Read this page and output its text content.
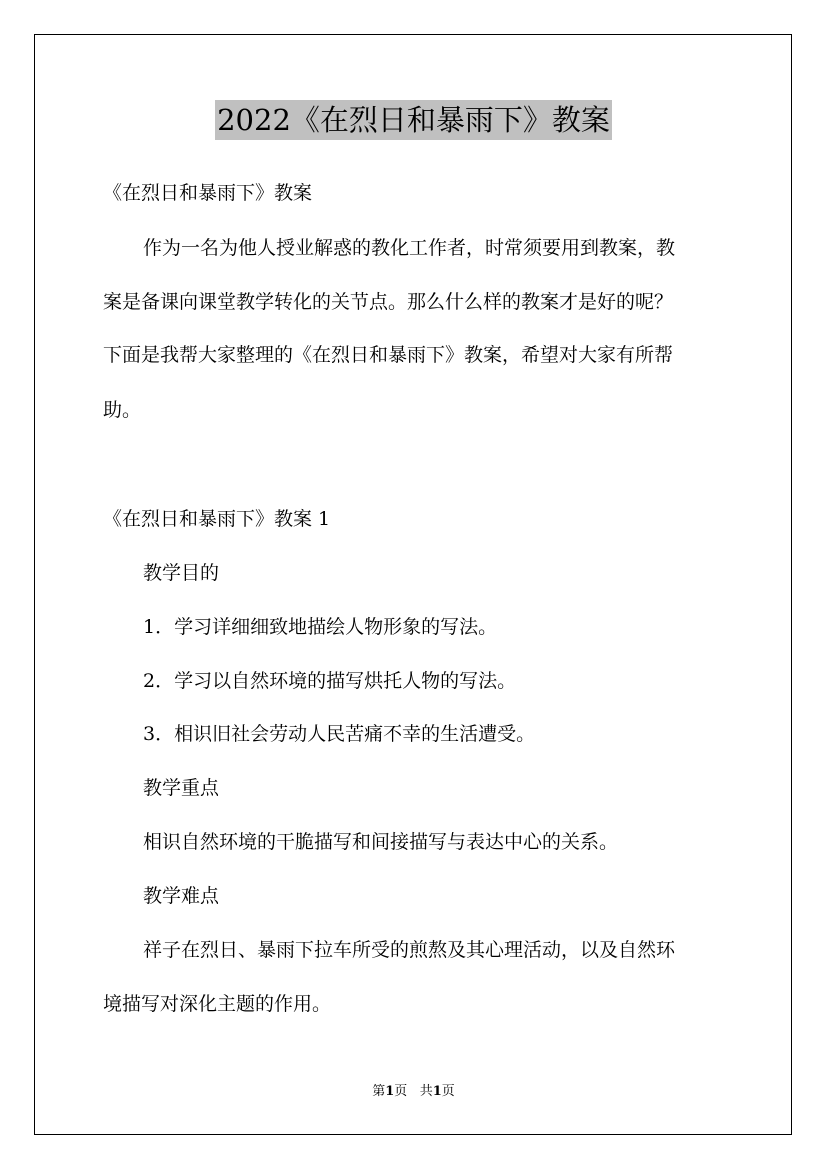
2022《在烈日和暴雨下》教案
《在烈日和暴雨下》教案
作为一名为他人授业解惑的教化工作者，时常须要用到教案，教
案是备课向课堂教学转化的关节点。那么什么样的教案才是好的呢？
下面是我帮大家整理的《在烈日和暴雨下》教案，希望对大家有所帮
助。
《在烈日和暴雨下》教案 1
教学目的
1．学习详细细致地描绘人物形象的写法。
2．学习以自然环境的描写烘托人物的写法。
3．相识旧社会劳动人民苦痛不幸的生活遭受。
教学重点
相识自然环境的干脆描写和间接描写与表达中心的关系。
教学难点
祥子在烈日、暴雨下拉车所受的煎熬及其心理活动，以及自然环
境描写对深化主题的作用。
第1页 共1页
